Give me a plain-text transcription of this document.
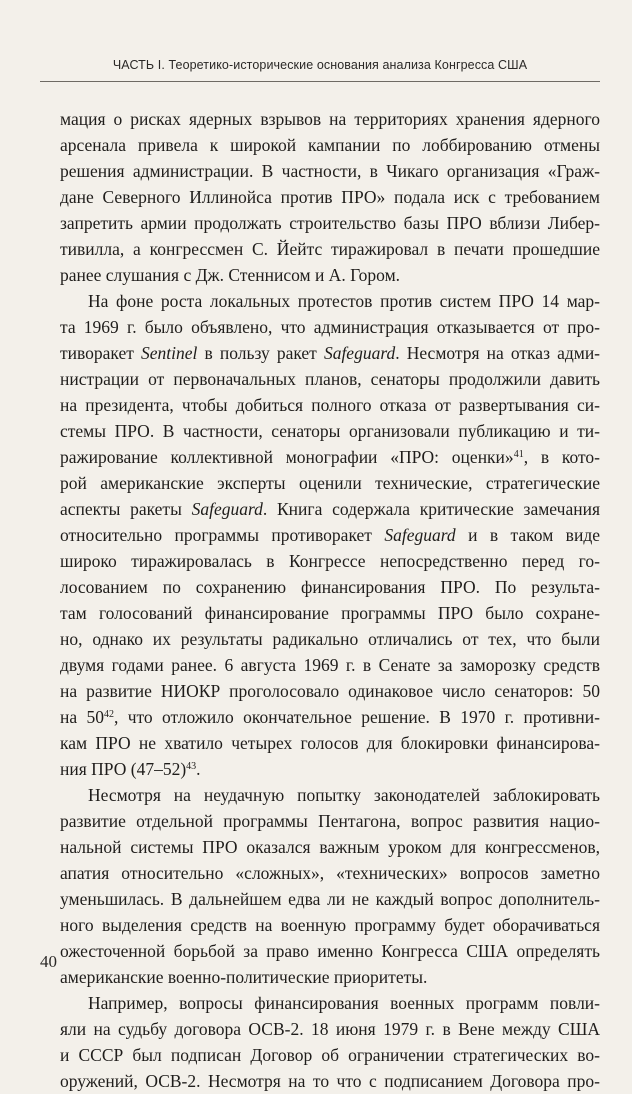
ЧАСТЬ I. Теоретико-исторические основания анализа Конгресса США

мация о рисках ядерных взрывов на территориях хранения ядерного
арсенала привела к широкой кампании по лоббированию отмены
решения администрации. В частности, в Чикаго организация «Граж-
дане Северного Иллинойса против ПРО» подала иск с требованием
запретить армии продолжать строительство базы ПРО вблизи Либер-
тивилла, а конгрессмен С. Йейтс тиражировал в печати прошедшие
ранее слушания с Дж. Стеннисом и А. Гором.

На фоне роста локальных протестов против систем ПРО 14 мар-
та 1969 г. было объявлено, что администрация отказывается от про-
тиворакет Sentinel в пользу ракет Safeguard. Несмотря на отказ адми-
нистрации от первоначальных планов, сенаторы продолжили давить
на президента, чтобы добиться полного отказа от развертывания си-
стемы ПРО. В частности, сенаторы организовали публикацию и ти-
ражирование коллективной монографии «ПРО: оценки»$^{41}$, в кото-
рой американские эксперты оценили технические, стратегические
аспекты ракеты Safeguard. Книга содержала критические замечания
относительно программы противоракет Safeguard и в таком виде
широко тиражировалась в Конгрессе непосредственно перед го-
лосованием по сохранению финансирования ПРО. По результа-
там голосований финансирование программы ПРО было сохране-
но, однако их результаты радикально отличались от тех, что были
двумя годами ранее. 6 августа 1969 г. в Сенате за заморозку средств
на развитие НИОКР проголосовало одинаковое число сенаторов: 50
на $50^{42}$, что отложило окончательное решение. В 1970 г. противни-
кам ПРО не хватило четырех голосов для блокировки финансирова-
ния ПРО $(47-52)^{43}$.

Несмотря на неудачную попытку законодателей заблокировать
развитие отдельной программы Пентагона, вопрос развития нацио-
нальной системы ПРО оказался важным уроком для конгрессменов,
апатия относительно «сложных», «технических» вопросов заметно
уменьшилась. В дальнейшем едва ли не каждый вопрос дополнитель-
ного выделения средств на военную программу будет оборачиваться
ожесточенной борьбой за право именно Конгресса США определять
американские военно-политические приоритеты.

Например, вопросы финансирования военных программ повли-
яли на судьбу договора ОСВ-2. 18 июня 1979 г. в Вене между США
и СССР был подписан Договор об ограничении стратегических во-
оружений, ОСВ-2. Несмотря на то что с подписанием Договора про-

40
